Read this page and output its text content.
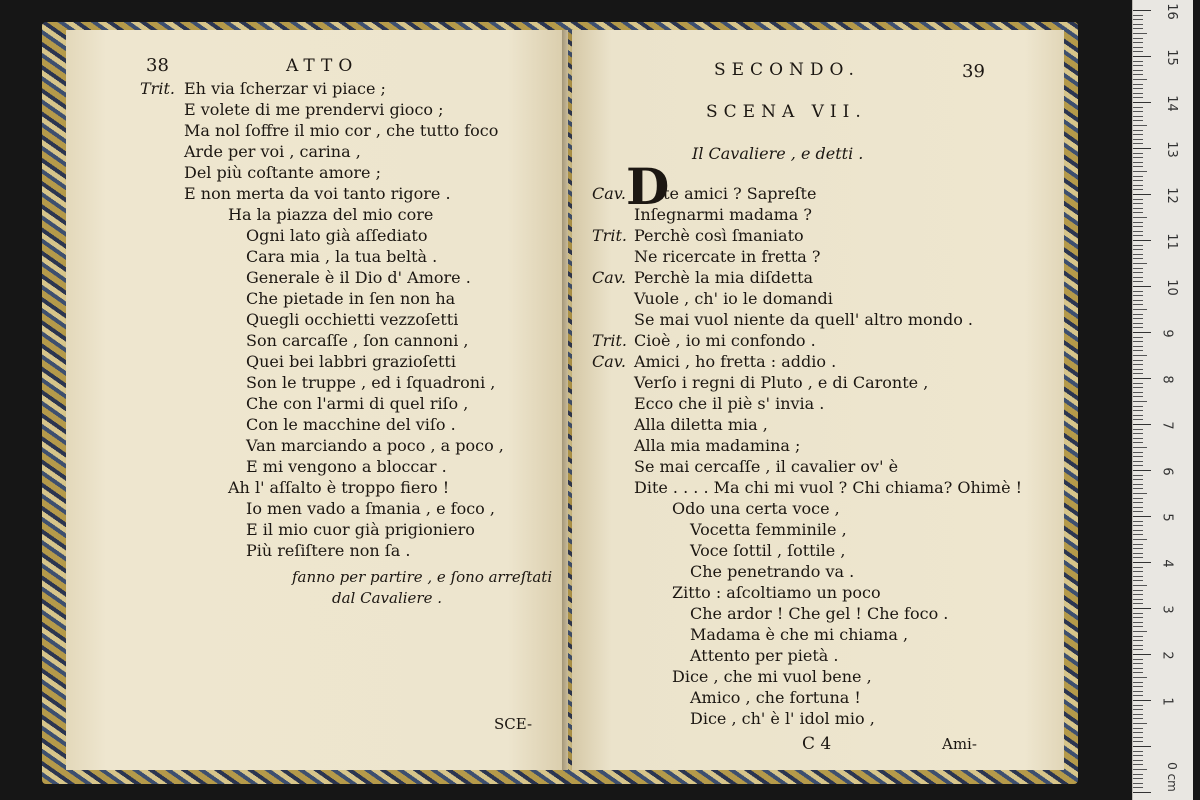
38	ATTO
Trit. Eh via ſcherzar vi piace ;
E volete di me prendervi gioco ;
Ma nol ſoffre il mio cor , che tutto foco
Arde per voi , carina ,
Del più coſtante amore ;
E non merta da voi tanto rigore .
Ha la piazza del mio core
Ogni lato già aſſediato
Cara mia , la tua beltà .
Generale è il Dio d' Amore .
Che pietade in ſen non ha
Quegli occhietti vezzoſetti
Son carcaſſe , ſon cannoni ,
Quei bei labbri grazioſetti
Son le truppe , ed i ſquadroni ,
Che con l'armi di quel riſo ,
Con le macchine del viſo .
Van marciando a poco , a poco ,
E mi vengono a bloccar .
Ah l' aſſalto è troppo fiero !
Io men vado a ſmania , e foco ,
E il mio cuor già prigioniero
Più reſiſtere non ſa .
fanno per partire , e ſono arreſtati
dal Cavaliere .
SCE-
SECONDO.	39
SCENA VII.
Il Cavaliere , e detti .
D
Cav. ite amici ? Sapreſte
Inſegnarmi madama ?
Trit. Perchè così ſmaniato
Ne ricercate in fretta ?
Cav. Perchè la mia diſdetta
Vuole , ch' io le domandi
Se mai vuol niente da quell' altro mondo .
Trit. Cioè , io mi confondo .
Cav. Amici , ho fretta : addio .
Verſo i regni di Pluto , e di Caronte ,
Ecco che il piè s' invia .
Alla diletta mia ,
Alla mia madamina ;
Se mai cercaſſe , il cavalier ov' è
Dite . . . . Ma chi mi vuol ? Chi chiama? Ohimè !
Odo una certa voce ,
Vocetta femminile ,
Voce ſottil , ſottile ,
Che penetrando va .
Zitto : aſcoltiamo un poco
Che ardor ! Che gel ! Che foco .
Madama è che mi chiama ,
Attento per pietà .
Dice , che mi vuol bene ,
Amico , che fortuna !
Dice , ch' è l' idol mio ,
C 4	Ami-
16
15
14
13
12
11
10
9
8
7
6
5
4
3
2
1
0 cm
